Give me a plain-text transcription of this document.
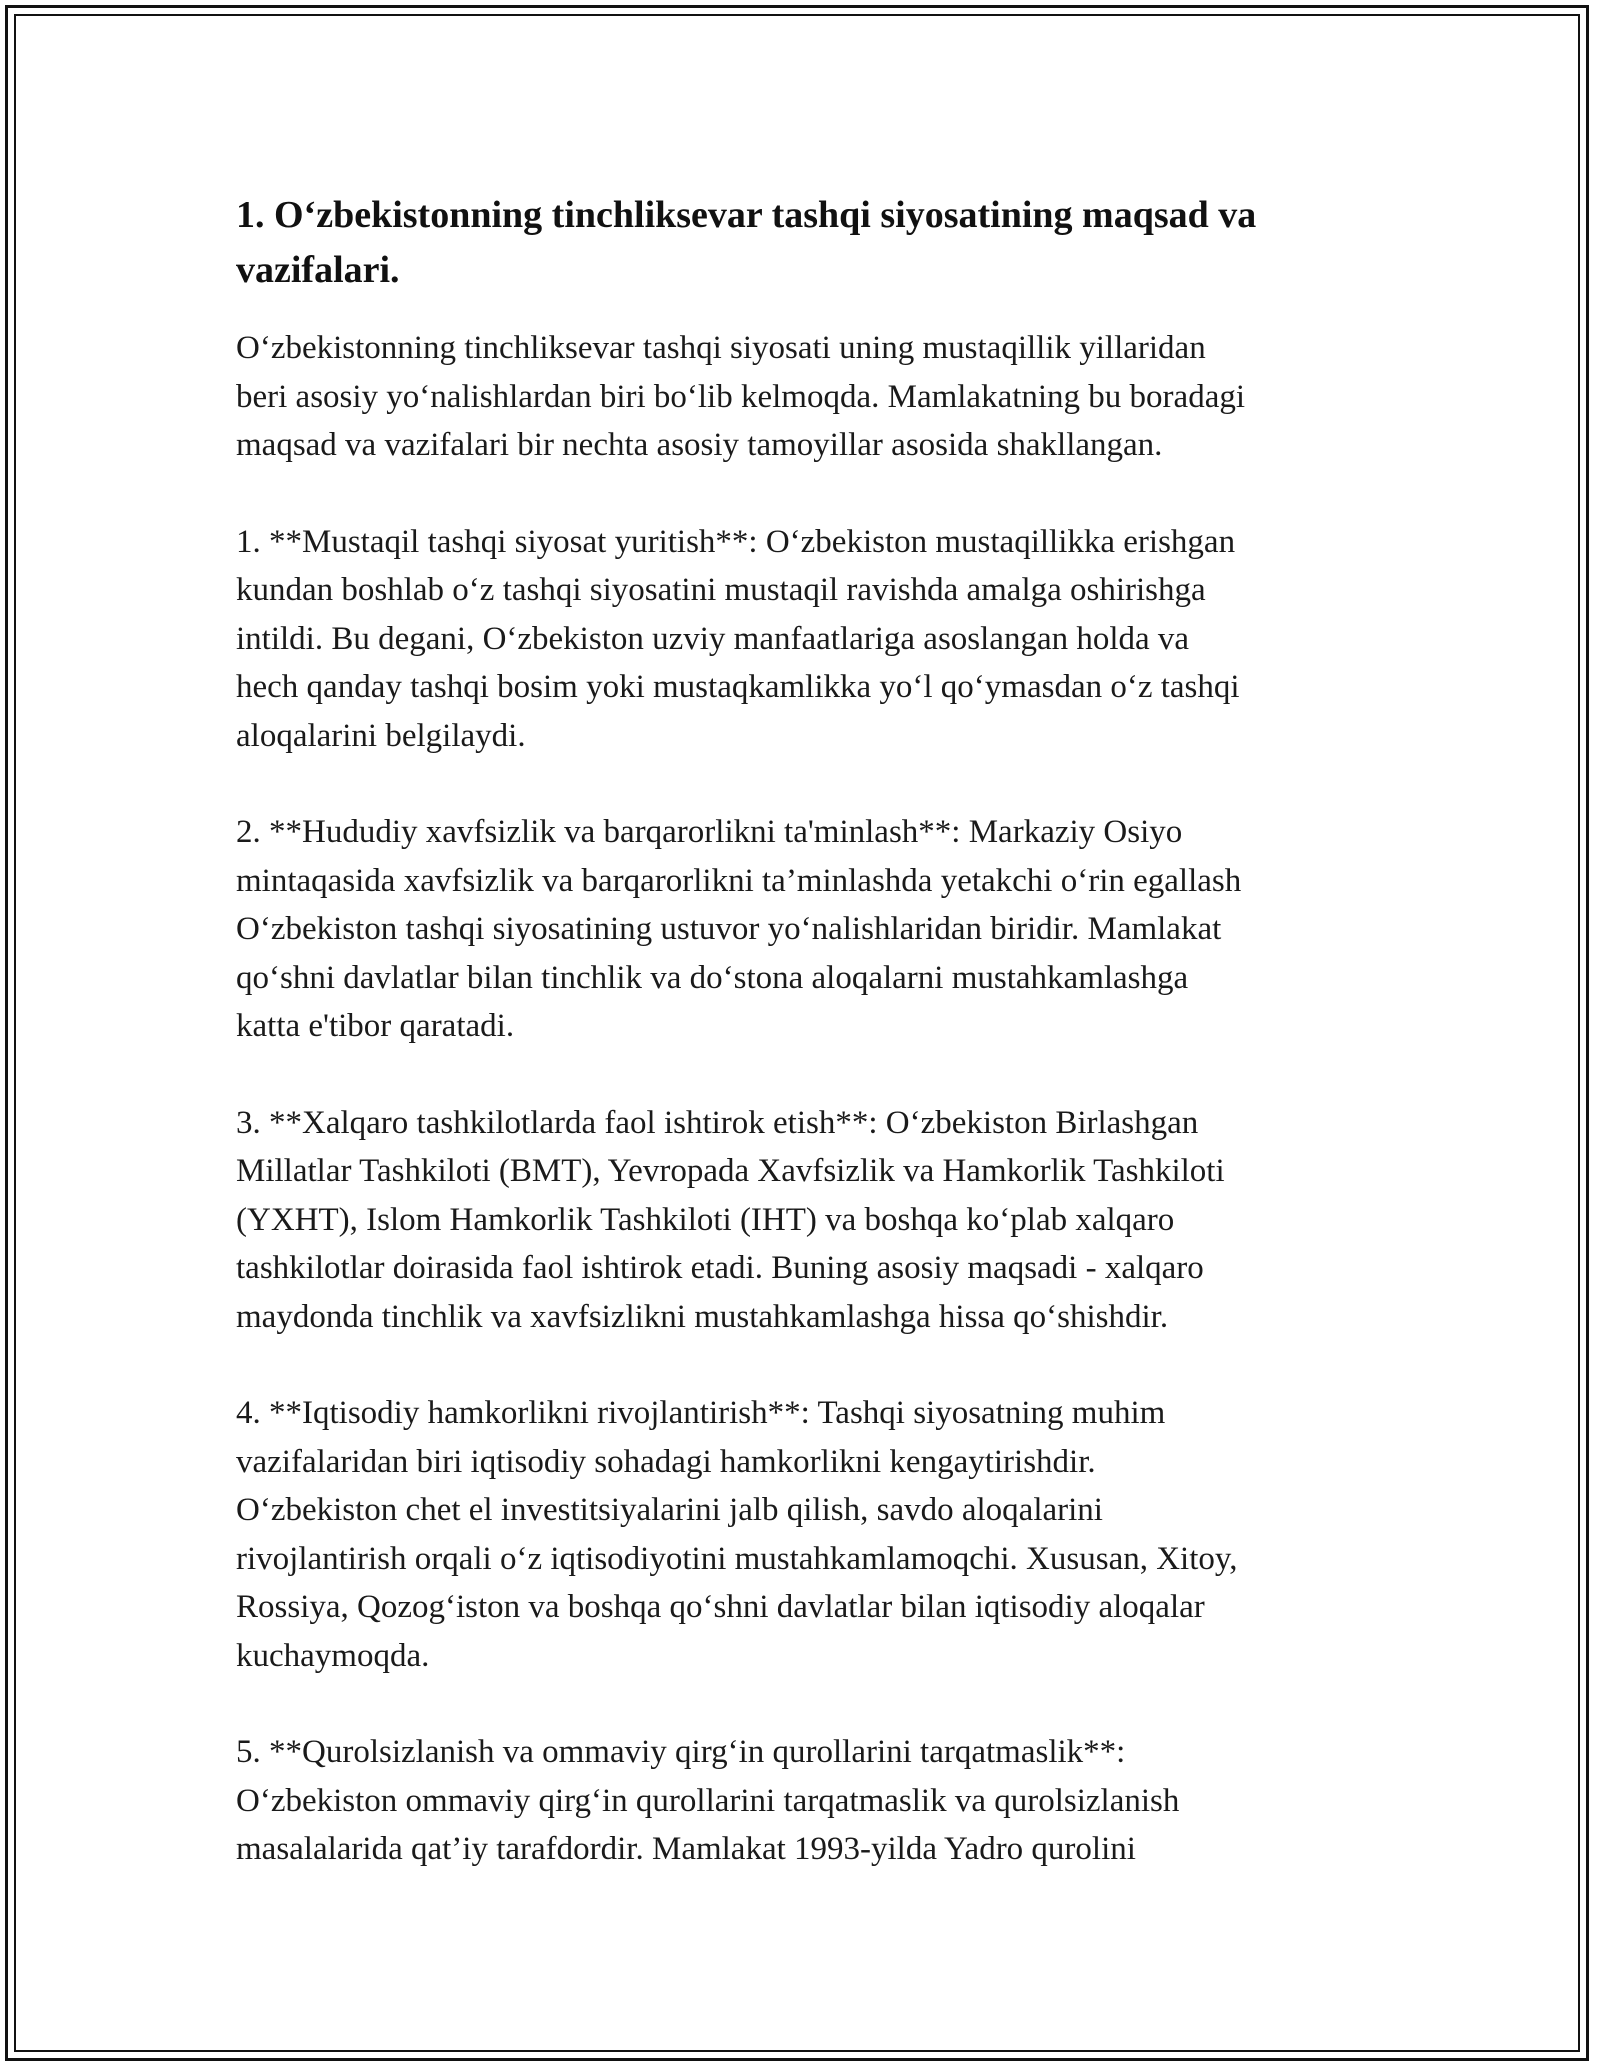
1. O‘zbekistonning tinchliksevar tashqi siyosatining maqsad va
vazifalari.

O‘zbekistonning tinchliksevar tashqi siyosati uning mustaqillik yillaridan
beri asosiy yo‘nalishlardan biri bo‘lib kelmoqda. Mamlakatning bu boradagi
maqsad va vazifalari bir nechta asosiy tamoyillar asosida shakllangan.

1. **Mustaqil tashqi siyosat yuritish**: O‘zbekiston mustaqillikka erishgan
kundan boshlab o‘z tashqi siyosatini mustaqil ravishda amalga oshirishga
intildi. Bu degani, O‘zbekiston uzviy manfaatlariga asoslangan holda va
hech qanday tashqi bosim yoki mustaqkamlikka yo‘l qo‘ymasdan o‘z tashqi
aloqalarini belgilaydi.

2. **Hududiy xavfsizlik va barqarorlikni ta'minlash**: Markaziy Osiyo
mintaqasida xavfsizlik va barqarorlikni ta’minlashda yetakchi o‘rin egallash
O‘zbekiston tashqi siyosatining ustuvor yo‘nalishlaridan biridir. Mamlakat
qo‘shni davlatlar bilan tinchlik va do‘stona aloqalarni mustahkamlashga
katta e'tibor qaratadi.

3. **Xalqaro tashkilotlarda faol ishtirok etish**: O‘zbekiston Birlashgan
Millatlar Tashkiloti (BMT), Yevropada Xavfsizlik va Hamkorlik Tashkiloti
(YXHT), Islom Hamkorlik Tashkiloti (IHT) va boshqa ko‘plab xalqaro
tashkilotlar doirasida faol ishtirok etadi. Buning asosiy maqsadi - xalqaro
maydonda tinchlik va xavfsizlikni mustahkamlashga hissa qo‘shishdir.

4. **Iqtisodiy hamkorlikni rivojlantirish**: Tashqi siyosatning muhim
vazifalaridan biri iqtisodiy sohadagi hamkorlikni kengaytirishdir.
O‘zbekiston chet el investitsiyalarini jalb qilish, savdo aloqalarini
rivojlantirish orqali o‘z iqtisodiyotini mustahkamlamoqchi. Xususan, Xitoy,
Rossiya, Qozog‘iston va boshqa qo‘shni davlatlar bilan iqtisodiy aloqalar
kuchaymoqda.

5. **Qurolsizlanish va ommaviy qirg‘in qurollarini tarqatmaslik**:
O‘zbekiston ommaviy qirg‘in qurollarini tarqatmaslik va qurolsizlanish
masalalarida qat’iy tarafdordir. Mamlakat 1993-yilda Yadro qurolini
